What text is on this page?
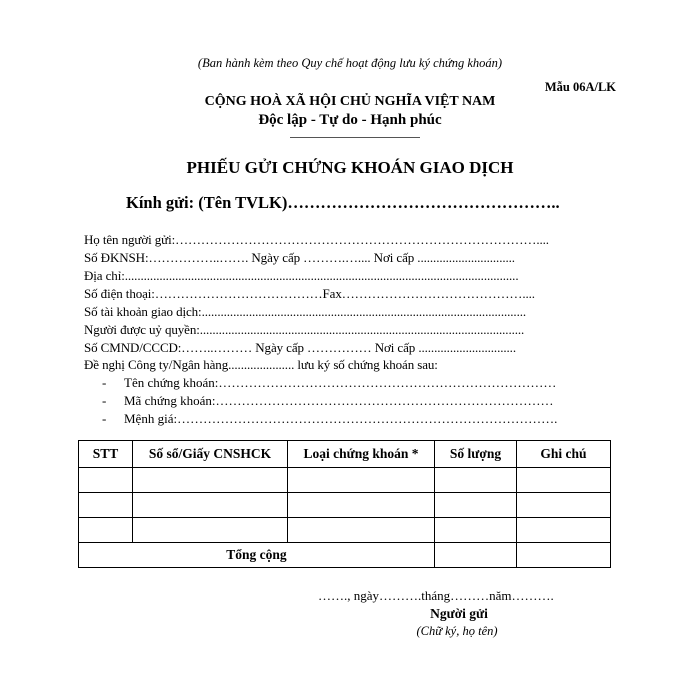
(Ban hành kèm theo Quy chế hoạt động lưu ký chứng khoán)
Mẫu 06A/LK
CỘNG HOÀ XÃ HỘI CHỦ NGHĨA VIỆT NAM
Độc lập - Tự do - Hạnh phúc
PHIẾU GỬI CHỨNG KHOÁN GIAO DỊCH
Kính gửi: (Tên TVLK)…………………………………………..
Họ tên người gửi:…………………………………………………………………………....
Số ĐKNSH:……………..……. Ngày cấp ……….….... Nơi cấp ...............................
Địa chỉ:.............................................................................................................................
Số điện thoại:…………………………………Fax……………………………………....
Số tài khoản giao dịch:.......................................................................................................
Người được uỷ quyền:.......................................................................................................
Số CMND/CCCD:……..……… Ngày cấp …………… Nơi cấp ...............................
Đề nghị Công ty/Ngân hàng..................... lưu ký số chứng khoán sau:
- Tên chứng khoán:……………………………………………………………………
- Mã chứng khoán:……………………………………………………………………
- Mệnh giá:…………………………………………………………………………….
STT	Số sổ/Giấy CNSHCK	Loại chứng khoán *	Số lượng	Ghi chú

Tổng cộng				
……., ngày……….tháng………năm……….
Người gửi
(Chữ ký, họ tên)
